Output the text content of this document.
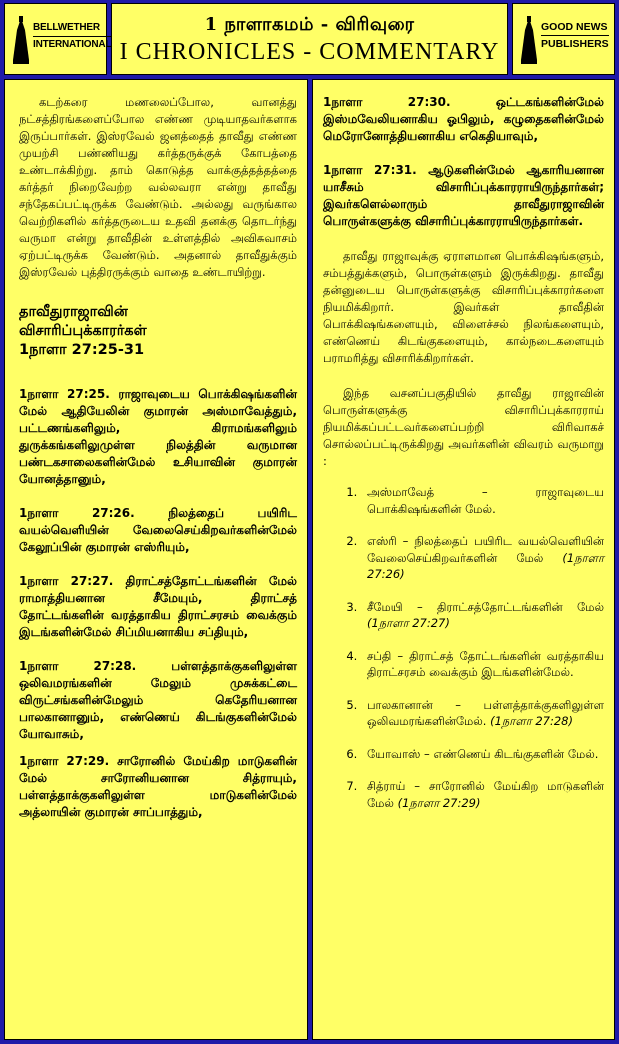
BELLWETHER
INTERNATIONAL
1 நாளாகமம் - விரிவுரை
I CHRONICLES - COMMENTARY
GOOD NEWS
PUBLISHERS

கடற்கரை மணலைப்போல, வானத்து நட்சத்திரங்களைப்போல எண்ண முடியாதவர்களாக இருப்பார்கள். இஸ்ரவேல் ஜனத்தைத் தாவீது எண்ண முயற்சி பண்ணியது கர்த்தருக்குக் கோபத்தை உண்டாக்கிற்று. தாம் கொடுத்த வாக்குத்தத்தத்தை கர்த்தர் நிறைவேற்ற வல்லவரா என்று தாவீது சந்தேகப்பட்டிருக்க வேண்டும். அல்லது வருங்கால வெற்றிகளில் கர்த்தருடைய உதவி தனக்கு தொடர்ந்து வருமா என்று தாவீதின் உள்ளத்தில் அவிசுவாசம் ஏற்பட்டிருக்க வேண்டும். அதனால் தாவீதுக்கும் இஸ்ரவேல் புத்திரருக்கும் வாதை உண்டாயிற்று.

தாவீதுராஜாவின்

விசாரிப்புக்காரர்கள்

1நாளா 27:25-31

1நாளா 27:25. ராஜாவுடைய பொக்கிஷங்களின் மேல் ஆதியேலின் குமாரன் அஸ்மாவேத்தும், பட்டணங்களிலும், கிராமங்களிலும் துருக்கங்களிலுமுள்ள நிலத்தின் வருமான பண்டகசாலைகளின்மேல் உசியாவின் குமாரன் யோனத்தானும்,

1நாளா 27:26. நிலத்தைப் பயிரிட வயல்வெளியின் வேலைசெய்கிறவர்களின்மேல் கேலூப்பின் குமாரன் எஸ்ரியும்,

1நாளா 27:27. திராட்சத்தோட்டங்களின் மேல் ராமாத்தியனான சீமேயும், திராட்சத் தோட்டங்களின் வரத்தாகிய திராட்சரசம் வைக்கும் இடங்களின்மேல் சிப்மியனாகிய சப்தியும்,

1நாளா 27:28. பள்ளத்தாக்குகளிலுள்ள ஒலிவமரங்களின் மேலும் முசுக்கட்டை விருட்சங்களின்மேலும் கெதேரியனான பாலகானானும், எண்ணெய் கிடங்குகளின்மேல் யோவாசும்,

1நாளா 27:29. சாரோனில் மேய்கிற மாடுகளின் மேல் சாரோனியனான சித்ராயும், பள்ளத்தாக்குகளிலுள்ள மாடுகளின்மேல் அத்லாயின் குமாரன் சாப்பாத்தும்,

1நாளா 27:30. ஒட்டகங்களின்மேல் இஸ்மவேலியனாகிய ஓபிலும், கழுதைகளின்மேல் மெரோனோத்தியனாகிய எகெதியாவும்,

1நாளா 27:31. ஆடுகளின்மேல் ஆகாரியனான யாசீசும் விசாரிப்புக்காரராயிருந்தார்கள்; இவர்களெல்லாரும் தாவீதுராஜாவின் பொருள்களுக்கு விசாரிப்புக்காரராயிருந்தார்கள்.

தாவீது ராஜாவுக்கு ஏராளமான பொக்கிஷங்களும், சம்பத்துக்களும், பொருள்களும் இருக்கிறது. தாவீது தன்னுடைய பொருள்களுக்கு விசாரிப்புக்காரர்களை நியமிக்கிறார். இவர்கள் தாவீதின் பொக்கிஷங்களையும், விளைச்சல் நிலங்களையும், எண்ணெய் கிடங்குகளையும், கால்நடைகளையும் பராமரித்து விசாரிக்கிறார்கள்.

இந்த வசனப்பகுதியில் தாவீது ராஜாவின் பொருள்களுக்கு விசாரிப்புக்காரராய் நியமிக்கப்பட்டவர்களைப்பற்றி விரிவாகச் சொல்லப்பட்டிருக்கிறது அவர்களின் விவரம் வருமாறு :

1. அஸ்மாவேத் – ராஜாவுடைய பொக்கிஷங்களின் மேல்.
2. எஸ்ரி – நிலத்தைப் பயிரிட வயல்வெளியின் வேலைசெய்கிறவர்களின் மேல் (1நாளா 27:26)
3. சீமேயி – திராட்சத்தோட்டங்களின் மேல் (1நாளா 27:27)
4. சப்தி – திராட்சத் தோட்டங்களின் வரத்தாகிய திராட்சரசம் வைக்கும் இடங்களின்மேல்.
5. பாலகானான் – பள்ளத்தாக்குகளிலுள்ள ஒலிவமரங்களின்மேல். (1நாளா 27:28)
6. யோவாஸ் – எண்ணெய் கிடங்குகளின் மேல்.
7. சித்ராய் – சாரோனில் மேய்கிற மாடுகளின் மேல் (1நாளா 27:29)
